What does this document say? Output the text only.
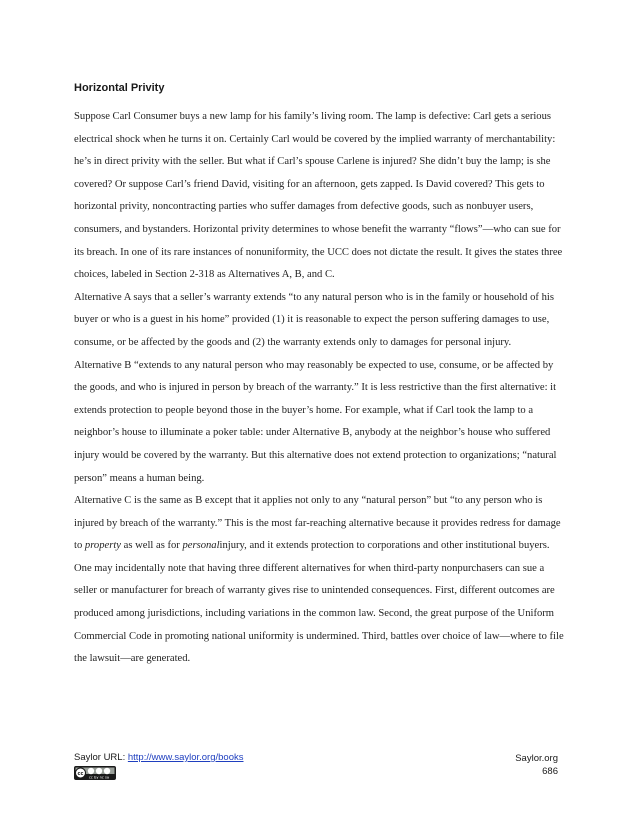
Horizontal Privity

Suppose Carl Consumer buys a new lamp for his family’s living room. The lamp is defective: Carl gets a serious electrical shock when he turns it on. Certainly Carl would be covered by the implied warranty of merchantability: he’s in direct privity with the seller. But what if Carl’s spouse Carlene is injured? She didn’t buy the lamp; is she covered? Or suppose Carl’s friend David, visiting for an afternoon, gets zapped. Is David covered? This gets to horizontal privity, noncontracting parties who suffer damages from defective goods, such as nonbuyer users, consumers, and bystanders. Horizontal privity determines to whose benefit the warranty “flows”—who can sue for its breach. In one of its rare instances of nonuniformity, the UCC does not dictate the result. It gives the states three choices, labeled in Section 2-318 as Alternatives A, B, and C.

Alternative A says that a seller’s warranty extends “to any natural person who is in the family or household of his buyer or who is a guest in his home” provided (1) it is reasonable to expect the person suffering damages to use, consume, or be affected by the goods and (2) the warranty extends only to damages for personal injury.

Alternative B “extends to any natural person who may reasonably be expected to use, consume, or be affected by the goods, and who is injured in person by breach of the warranty.” It is less restrictive than the first alternative: it extends protection to people beyond those in the buyer’s home. For example, what if Carl took the lamp to a neighbor’s house to illuminate a poker table: under Alternative B, anybody at the neighbor’s house who suffered injury would be covered by the warranty. But this alternative does not extend protection to organizations; “natural person” means a human being.

Alternative C is the same as B except that it applies not only to any “natural person” but “to any person who is injured by breach of the warranty.” This is the most far-reaching alternative because it provides redress for damage to property as well as for personalinjury, and it extends protection to corporations and other institutional buyers.

One may incidentally note that having three different alternatives for when third-party nonpurchasers can sue a seller or manufacturer for breach of warranty gives rise to unintended consequences. First, different outcomes are produced among jurisdictions, including variations in the common law. Second, the great purpose of the Uniform Commercial Code in promoting national uniformity is undermined. Third, battles over choice of law—where to file the lawsuit—are generated.

Saylor URL: http://www.saylor.org/books
cc
cc by nc sa
Saylor.org
686
